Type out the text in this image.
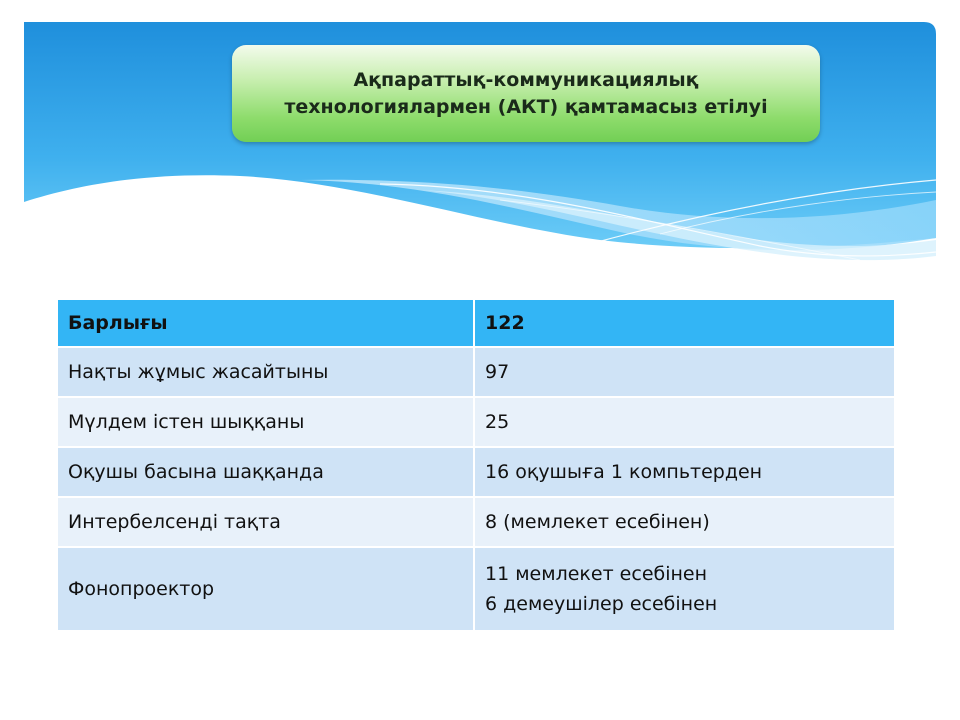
Ақпараттық-коммуникациялық
технологиялармен (АКТ) қамтамасыз етілуі

Барлығы	122
Нақты жұмыс жасайтыны	97
Мүлдем істен шыққаны	25
Оқушы басына шаққанда	16 оқушыға 1 компьтерден
Интербелсенді тақта	8 (мемлекет есебінен)
Фонопроектор	11 мемлекет есебінен
6 демеушілер есебінен
